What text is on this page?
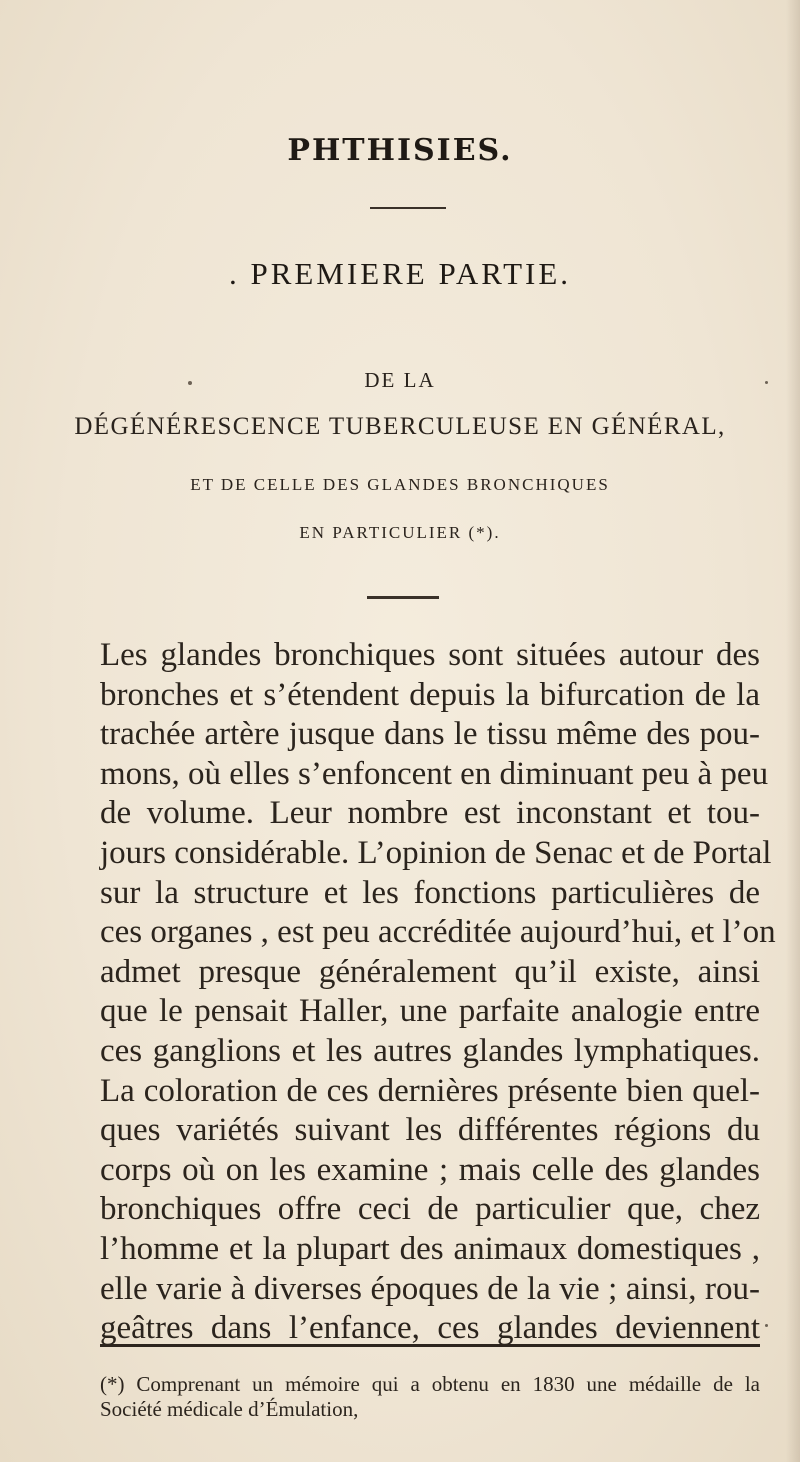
PHTHISIES.
. PREMIERE PARTIE.
DE LA
DÉGÉNÉRESCENCE TUBERCULEUSE EN GÉNÉRAL,
ET DE CELLE DES GLANDES BRONCHIQUES
EN PARTICULIER (*).
Les glandes bronchiques sont situées autour des
bronches et s’étendent depuis la bifurcation de la
trachée artère jusque dans le tissu même des pou-
mons, où elles s’enfoncent en diminuant peu à peu
de volume. Leur nombre est inconstant et tou-
jours considérable. L’opinion de Senac et de Portal
sur la structure et les fonctions particulières de
ces organes , est peu accréditée aujourd’hui, et l’on
admet presque généralement qu’il existe, ainsi
que le pensait Haller, une parfaite analogie entre
ces ganglions et les autres glandes lymphatiques.
La coloration de ces dernières présente bien quel-
ques variétés suivant les différentes régions du
corps où on les examine ; mais celle des glandes
bronchiques offre ceci de particulier que, chez
l’homme et la plupart des animaux domestiques ,
elle varie à diverses époques de la vie ; ainsi, rou-
geâtres dans l’enfance, ces glandes deviennent
(*) Comprenant un mémoire qui a obtenu en 1830 une médaille de la
Société médicale d’Émulation,
